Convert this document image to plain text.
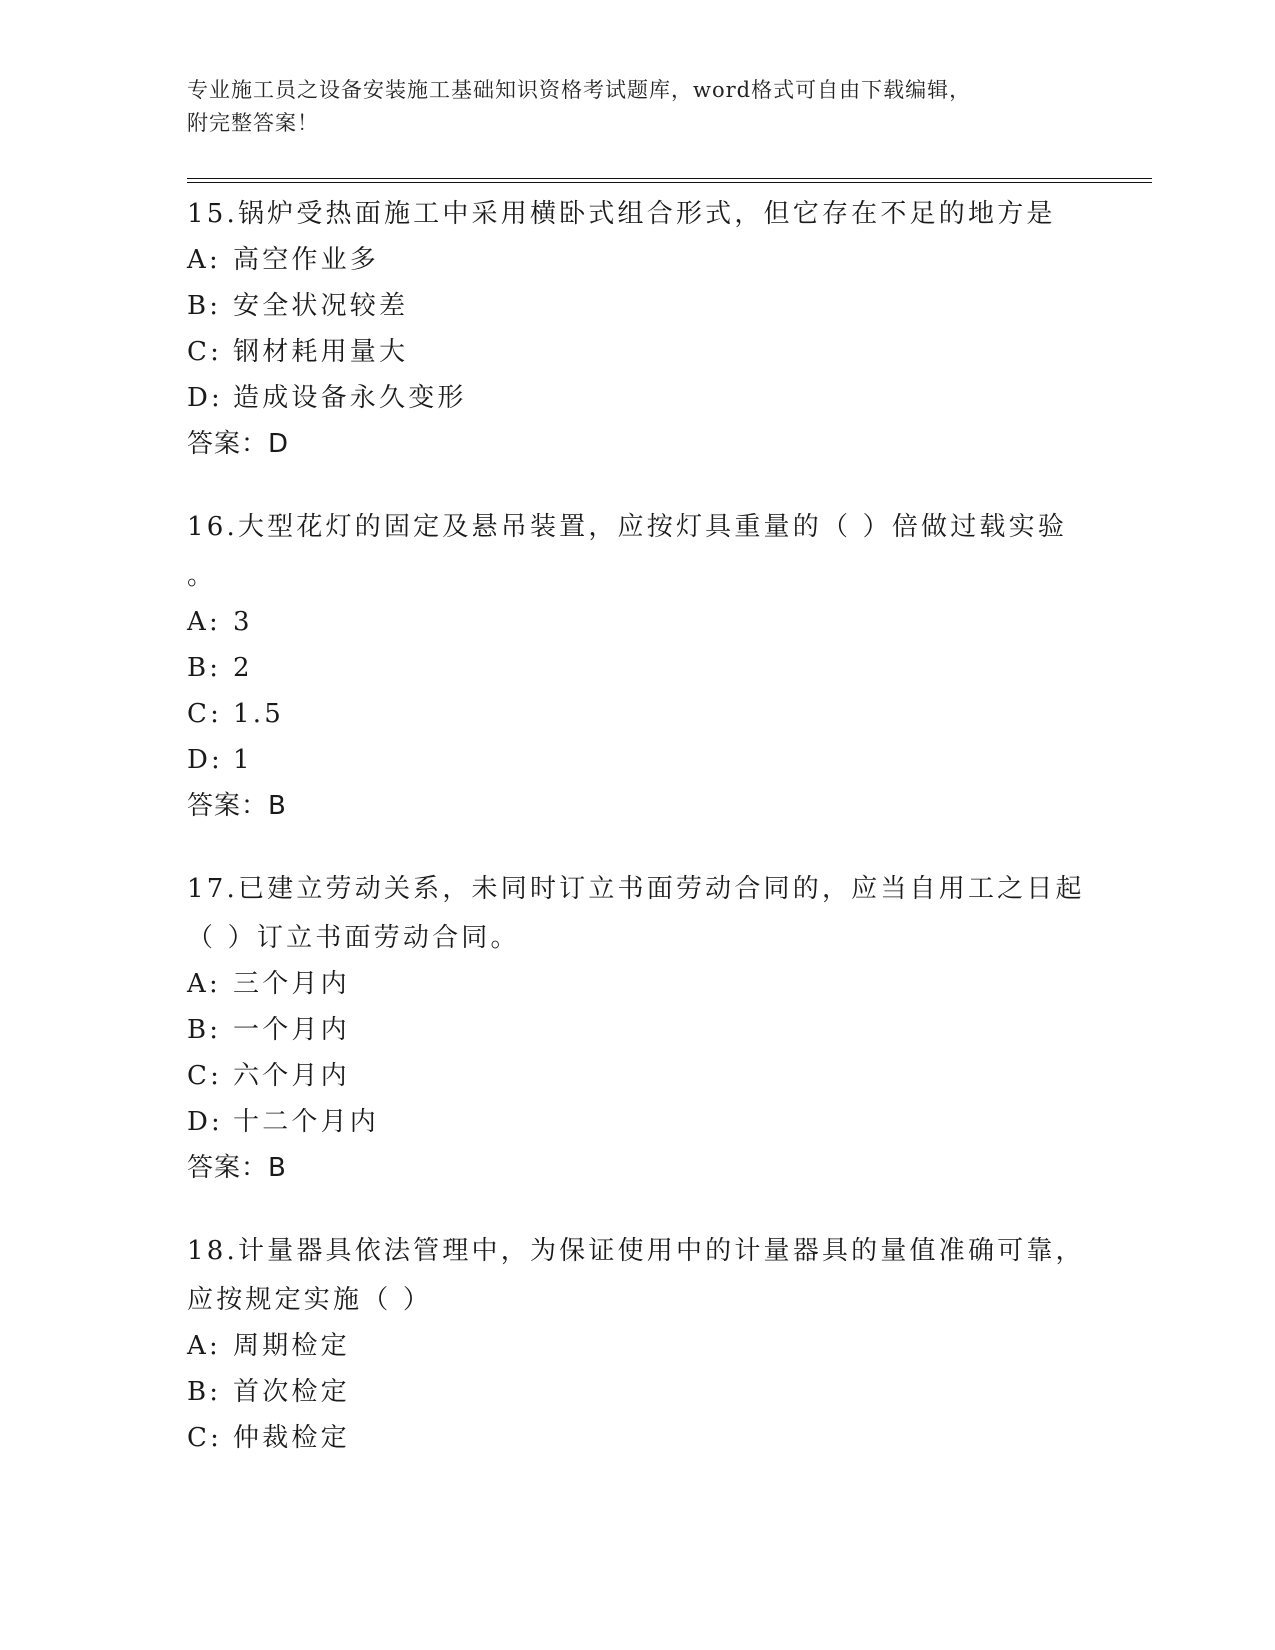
专业施工员之设备安装施工基础知识资格考试题库，word格式可自由下载编辑，
附完整答案！
15.锅炉受热面施工中采用横卧式组合形式，但它存在不足的地方是
A: 高空作业多
B: 安全状况较差
C: 钢材耗用量大
D: 造成设备永久变形
答案：D
16.大型花灯的固定及悬吊装置，应按灯具重量的（ ）倍做过载实验
。
A: 3
B: 2
C: 1.5
D: 1
答案：B
17.已建立劳动关系，未同时订立书面劳动合同的，应当自用工之日起
（ ）订立书面劳动合同。
A: 三个月内
B: 一个月内
C: 六个月内
D: 十二个月内
答案：B
18.计量器具依法管理中，为保证使用中的计量器具的量值准确可靠，
应按规定实施（ ）
A: 周期检定
B: 首次检定
C: 仲裁检定
